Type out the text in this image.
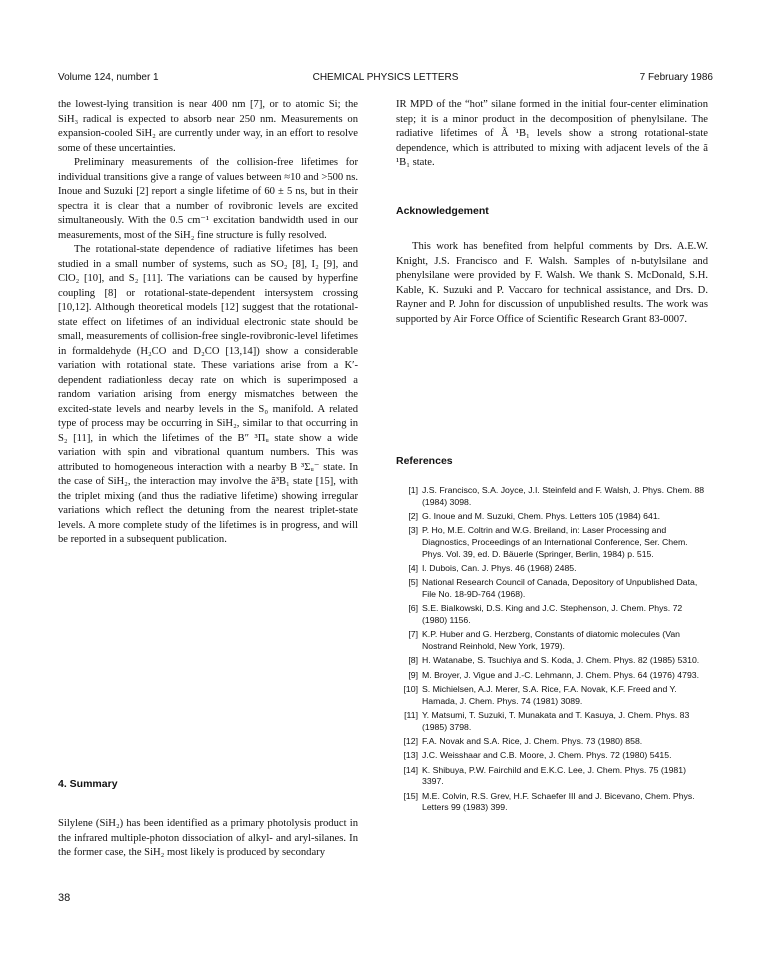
Volume 124, number 1	CHEMICAL PHYSICS LETTERS	7 February 1986

the lowest-lying transition is near 400 nm [7], or to atomic Si; the SiH₃ radical is expected to absorb near 250 nm. Measurements on expansion-cooled SiH₂ are currently under way, in an effort to resolve some of these uncertainties.

Preliminary measurements of the collision-free lifetimes for individual transitions give a range of values between ≈10 and >500 ns. Inoue and Suzuki [2] report a single lifetime of 60 ± 5 ns, but in their spectra it is clear that a number of rovibronic levels are excited simultaneously. With the 0.5 cm⁻¹ excitation bandwidth used in our measurements, most of the SiH₂ fine structure is fully resolved.

The rotational-state dependence of radiative lifetimes has been studied in a small number of systems, such as SO₂ [8], I₂ [9], and ClO₂ [10], and S₂ [11]. The variations can be caused by hyperfine coupling [8] or rotational-state-dependent intersystem crossing [10,12]. Although theoretical models [12] suggest that the rotational-state effect on lifetimes of an individual electronic state should be small, measurements of collision-free single-rovibronic-level lifetimes in formaldehyde (H₂CO and D₂CO [13,14]) show a considerable variation with rotational state. These variations arise from a K′-dependent radiationless decay rate on which is superimposed a random variation arising from energy mismatches between the excited-state levels and nearby levels in the S₀ manifold. A related type of process may be occurring in SiH₂, similar to that occurring in S₂ [11], in which the lifetimes of the B″ ³Πᵤ state show a wide variation with spin and vibrational quantum numbers. This was attributed to homogeneous interaction with a nearby B ³Σᵤ⁻ state. In the case of SiH₂, the interaction may involve the ã³B₁ state [15], with the triplet mixing (and thus the radiative lifetime) showing irregular variations which reflect the detuning from the nearest triplet-state levels. A more complete study of the lifetimes is in progress, and will be reported in a subsequent publication.

4. Summary

Silylene (SiH₂) has been identified as a primary photolysis product in the infrared multiple-photon dissociation of alkyl- and aryl-silanes. In the former case, the SiH₂ most likely is produced by secondary

IR MPD of the “hot” silane formed in the initial four-center elimination step; it is a minor product in the decomposition of phenylsilane. The radiative lifetimes of Ã ¹B₁ levels show a strong rotational-state dependence, which is attributed to mixing with adjacent levels of the ã ¹B₁ state.

Acknowledgement

This work has benefited from helpful comments by Drs. A.E.W. Knight, J.S. Francisco and F. Walsh. Samples of n-butylsilane and phenylsilane were provided by F. Walsh. We thank S. McDonald, S.H. Kable, K. Suzuki and P. Vaccaro for technical assistance, and Drs. D. Rayner and P. John for discussion of unpublished results. The work was supported by Air Force Office of Scientific Research Grant 83-0007.

References
[1] J.S. Francisco, S.A. Joyce, J.I. Steinfeld and F. Walsh, J. Phys. Chem. 88 (1984) 3098.
[2] G. Inoue and M. Suzuki, Chem. Phys. Letters 105 (1984) 641.
[3] P. Ho, M.E. Coltrin and W.G. Breiland, in: Laser Processing and Diagnostics, Proceedings of an International Conference, Ser. Chem. Phys. Vol. 39, ed. D. Bäuerle (Springer, Berlin, 1984) p. 515.
[4] I. Dubois, Can. J. Phys. 46 (1968) 2485.
[5] National Research Council of Canada, Depository of Unpublished Data, File No. 18-9D-764 (1968).
[6] S.E. Bialkowski, D.S. King and J.C. Stephenson, J. Chem. Phys. 72 (1980) 1156.
[7] K.P. Huber and G. Herzberg, Constants of diatomic molecules (Van Nostrand Reinhold, New York, 1979).
[8] H. Watanabe, S. Tsuchiya and S. Koda, J. Chem. Phys. 82 (1985) 5310.
[9] M. Broyer, J. Vigue and J.-C. Lehmann, J. Chem. Phys. 64 (1976) 4793.
[10] S. Michielsen, A.J. Merer, S.A. Rice, F.A. Novak, K.F. Freed and Y. Hamada, J. Chem. Phys. 74 (1981) 3089.
[11] Y. Matsumi, T. Suzuki, T. Munakata and T. Kasuya, J. Chem. Phys. 83 (1985) 3798.
[12] F.A. Novak and S.A. Rice, J. Chem. Phys. 73 (1980) 858.
[13] J.C. Weisshaar and C.B. Moore, J. Chem. Phys. 72 (1980) 5415.
[14] K. Shibuya, P.W. Fairchild and E.K.C. Lee, J. Chem. Phys. 75 (1981) 3397.
[15] M.E. Colvin, R.S. Grev, H.F. Schaefer III and J. Bicevano, Chem. Phys. Letters 99 (1983) 399.
38
